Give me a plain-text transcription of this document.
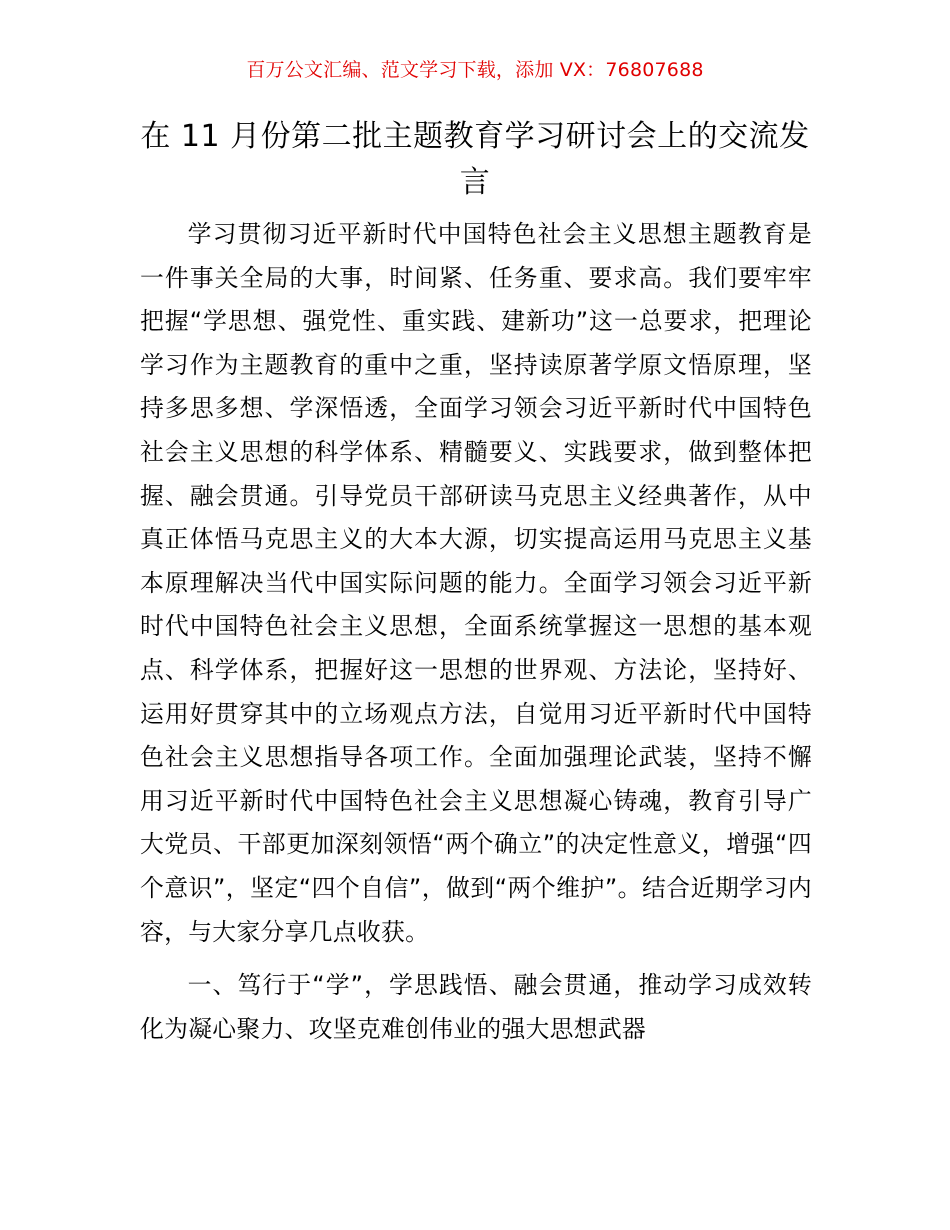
百万公文汇编、范文学习下载，添加 VX：76807688
在 11 月份第二批主题教育学习研讨会上的交流发言

学习贯彻习近平新时代中国特色社会主义思想主题教育是一件事关全局的大事，时间紧、任务重、要求高。我们要牢牢把握“学思想、强党性、重实践、建新功”这一总要求，把理论学习作为主题教育的重中之重，坚持读原著学原文悟原理，坚持多思多想、学深悟透，全面学习领会习近平新时代中国特色社会主义思想的科学体系、精髓要义、实践要求，做到整体把握、融会贯通。引导党员干部研读马克思主义经典著作，从中真正体悟马克思主义的大本大源，切实提高运用马克思主义基本原理解决当代中国实际问题的能力。全面学习领会习近平新时代中国特色社会主义思想，全面系统掌握这一思想的基本观点、科学体系，把握好这一思想的世界观、方法论，坚持好、运用好贯穿其中的立场观点方法，自觉用习近平新时代中国特色社会主义思想指导各项工作。全面加强理论武装，坚持不懈用习近平新时代中国特色社会主义思想凝心铸魂，教育引导广大党员、干部更加深刻领悟“两个确立”的决定性意义，增强“四个意识”，坚定“四个自信”，做到“两个维护”。结合近期学习内容，与大家分享几点收获。

一、笃行于“学”，学思践悟、融会贯通，推动学习成效转化为凝心聚力、攻坚克难创伟业的强大思想武器
